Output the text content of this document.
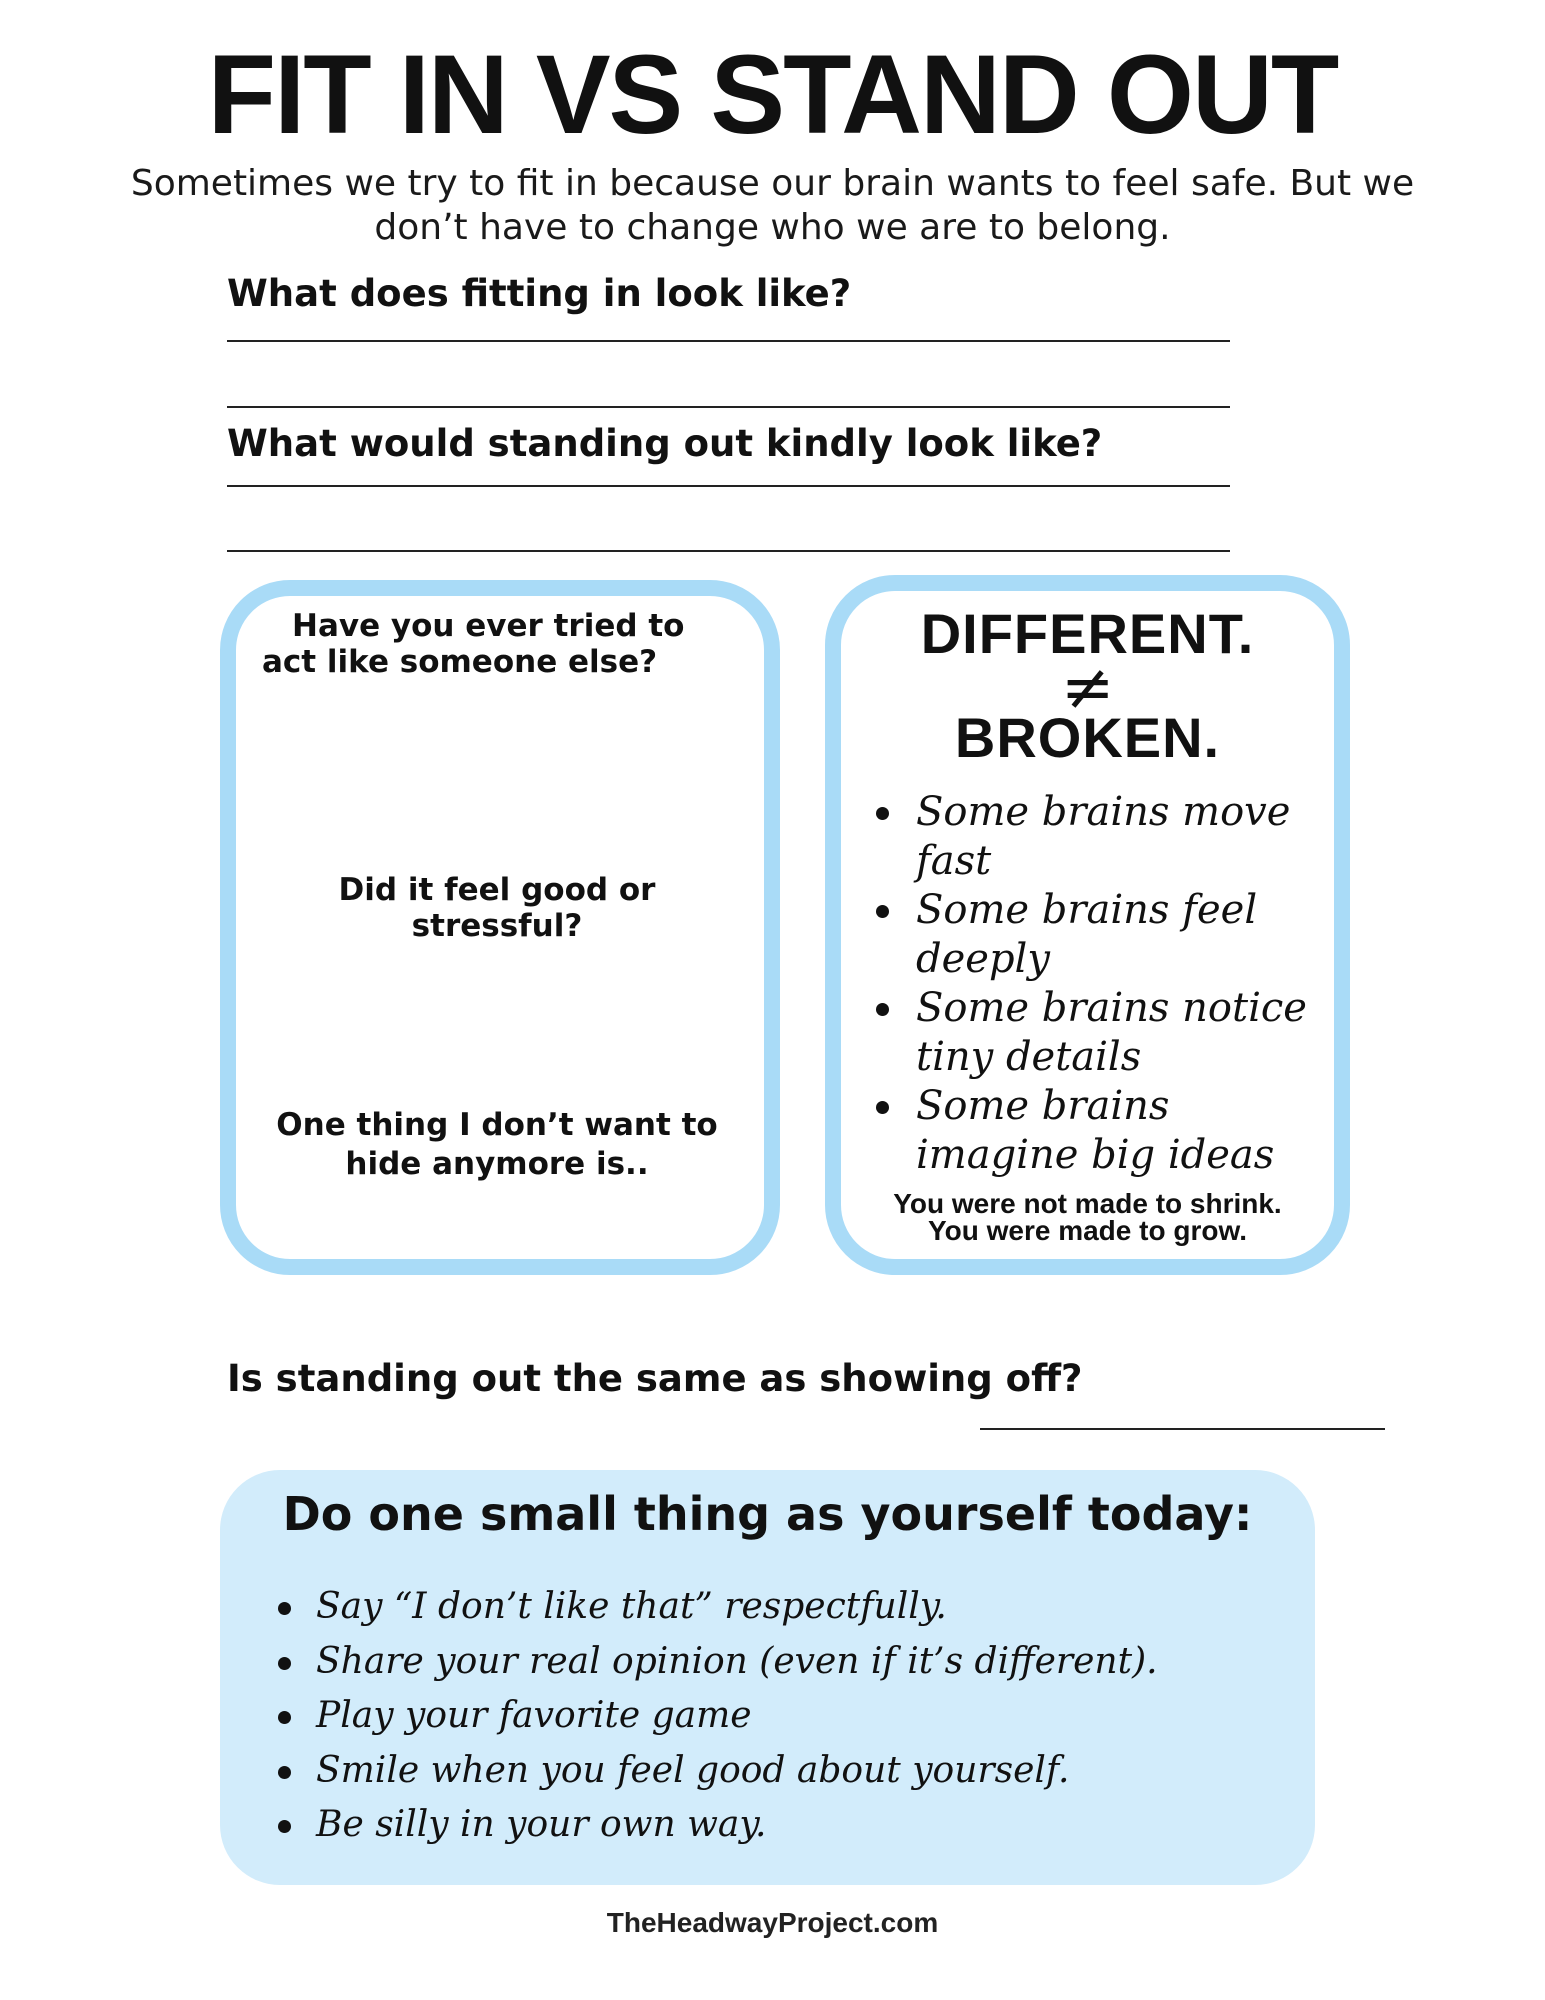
FIT IN VS STAND OUT
Sometimes we try to fit in because our brain wants to feel safe. But we don’t have to change who we are to belong.
What does fitting in look like?
What would standing out kindly look like?
Have you ever tried to act like someone else?
Did it feel good or stressful?
One thing I don’t want to hide anymore is..
DIFFERENT.
≠
BROKEN.
Some brains move fast
Some brains feel deeply
Some brains notice tiny details
Some brains imagine big ideas
You were not made to shrink.
You were made to grow.
Is standing out the same as showing off?
Do one small thing as yourself today:
Say “I don’t like that” respectfully.
Share your real opinion (even if it’s different).
Play your favorite game
Smile when you feel good about yourself.
Be silly in your own way.
TheHeadwayProject.com
